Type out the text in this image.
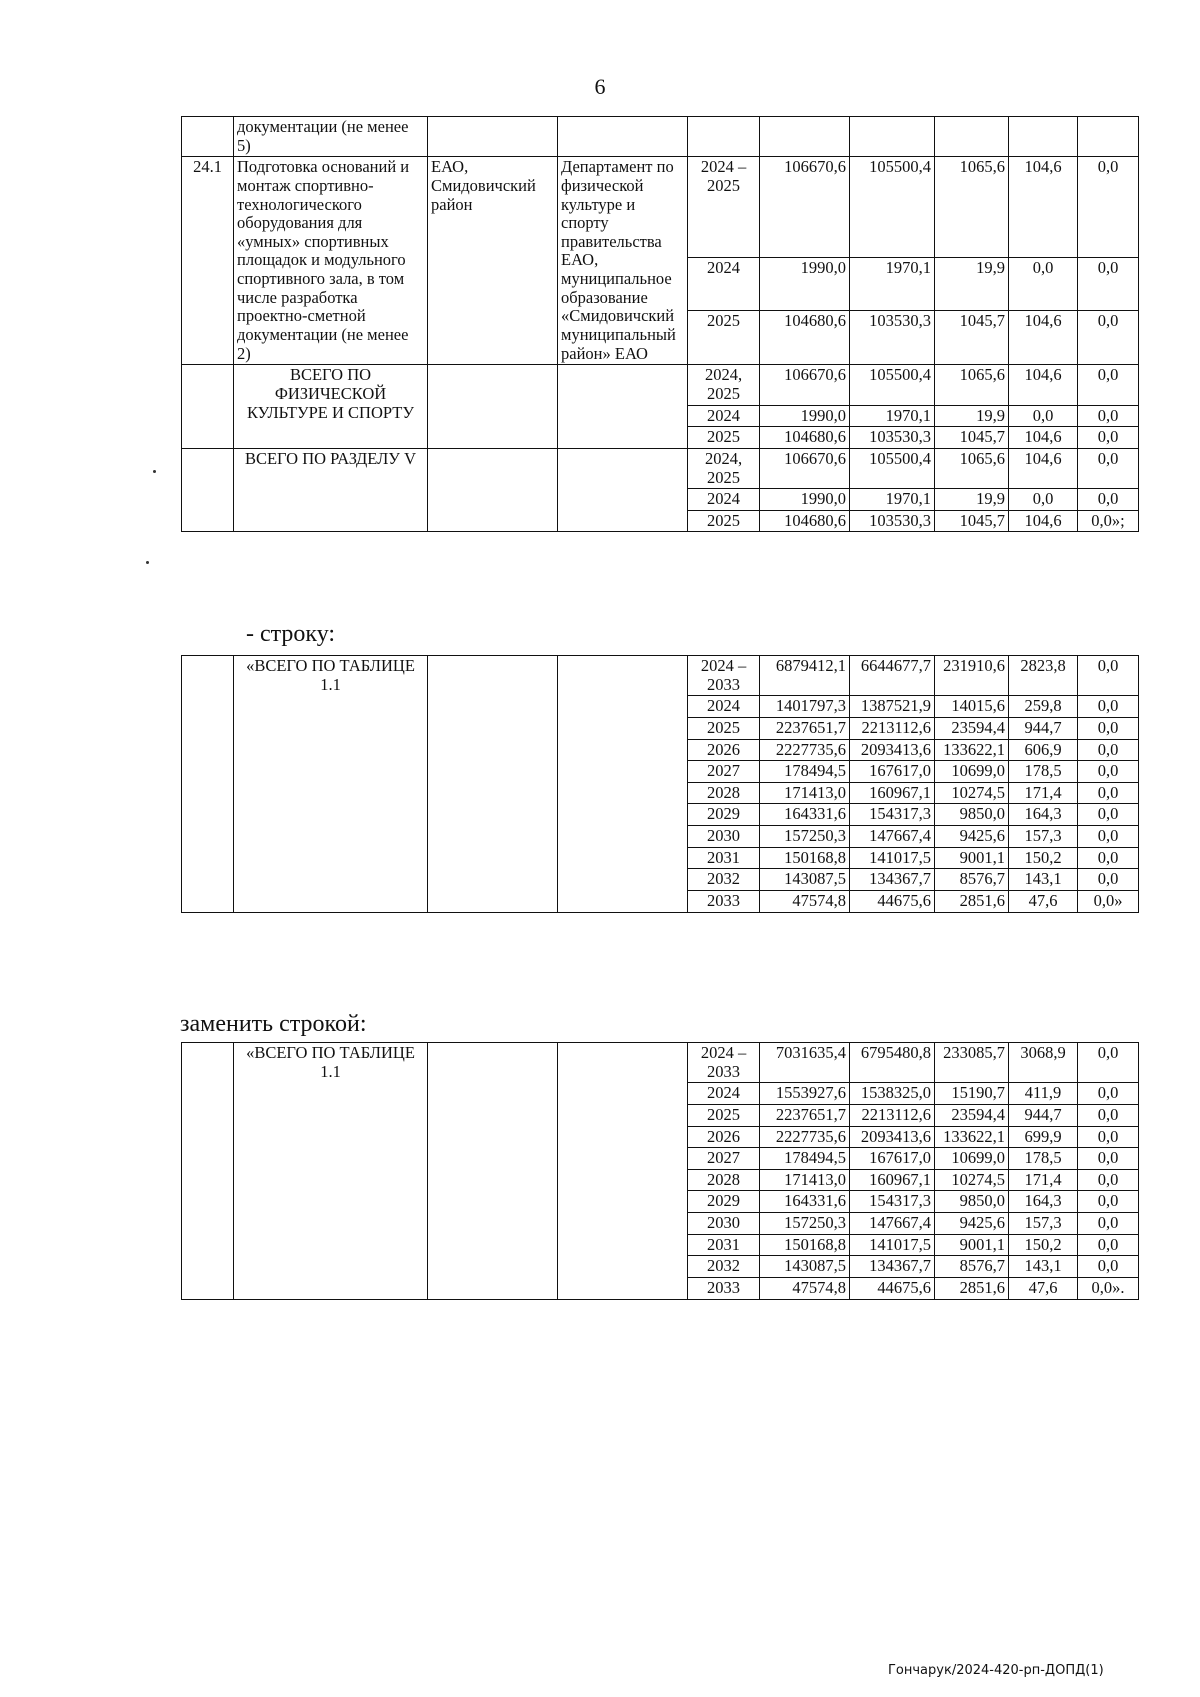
6
	документации (не менее 5)								
24.1	Подготовка оснований и монтаж спортивно-технологического оборудования для «умных» спортивных площадок и модульного спортивного зала, в том числе разработка проектно-сметной документации (не менее 2)	ЕАО, Смидовичский район	Департамент по физической культуре и спорту правительства ЕАО, муниципальное образование «Смидовичский муниципальный район» ЕАО	2024 – 2025	106670,6	105500,4	1065,6	104,6	0,0
				2024	1990,0	1970,1	19,9	0,0	0,0
				2025	104680,6	103530,3	1045,7	104,6	0,0
	ВСЕГО ПО ФИЗИЧЕСКОЙ КУЛЬТУРЕ И СПОРТУ			2024, 2025	106670,6	105500,4	1065,6	104,6	0,0
				2024	1990,0	1970,1	19,9	0,0	0,0
				2025	104680,6	103530,3	1045,7	104,6	0,0
	ВСЕГО ПО РАЗДЕЛУ V			2024, 2025	106670,6	105500,4	1065,6	104,6	0,0
				2024	1990,0	1970,1	19,9	0,0	0,0
				2025	104680,6	103530,3	1045,7	104,6	0,0»;
- строку:
	«ВСЕГО ПО ТАБЛИЦЕ 1.1			2024 – 2033	6879412,1	6644677,7	231910,6	2823,8	0,0
				2024	1401797,3	1387521,9	14015,6	259,8	0,0
				2025	2237651,7	2213112,6	23594,4	944,7	0,0
				2026	2227735,6	2093413,6	133622,1	606,9	0,0
				2027	178494,5	167617,0	10699,0	178,5	0,0
				2028	171413,0	160967,1	10274,5	171,4	0,0
				2029	164331,6	154317,3	9850,0	164,3	0,0
				2030	157250,3	147667,4	9425,6	157,3	0,0
				2031	150168,8	141017,5	9001,1	150,2	0,0
				2032	143087,5	134367,7	8576,7	143,1	0,0
				2033	47574,8	44675,6	2851,6	47,6	0,0»
заменить строкой:
	«ВСЕГО ПО ТАБЛИЦЕ 1.1			2024 – 2033	7031635,4	6795480,8	233085,7	3068,9	0,0
				2024	1553927,6	1538325,0	15190,7	411,9	0,0
				2025	2237651,7	2213112,6	23594,4	944,7	0,0
				2026	2227735,6	2093413,6	133622,1	699,9	0,0
				2027	178494,5	167617,0	10699,0	178,5	0,0
				2028	171413,0	160967,1	10274,5	171,4	0,0
				2029	164331,6	154317,3	9850,0	164,3	0,0
				2030	157250,3	147667,4	9425,6	157,3	0,0
				2031	150168,8	141017,5	9001,1	150,2	0,0
				2032	143087,5	134367,7	8576,7	143,1	0,0
				2033	47574,8	44675,6	2851,6	47,6	0,0».
Гончарук/2024-420-рп-ДОПД(1)
